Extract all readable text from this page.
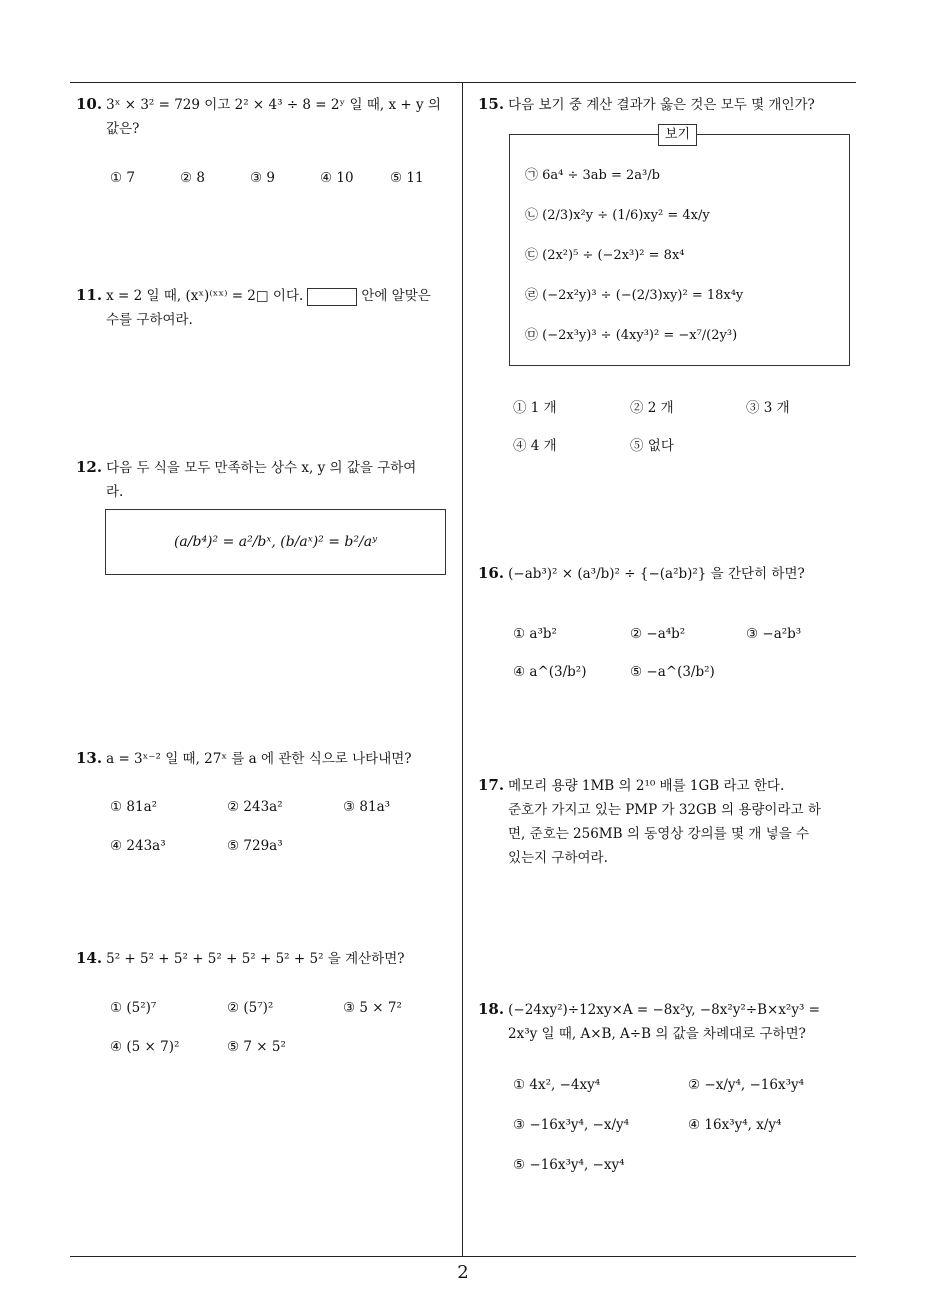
10. 3ˣ × 3² = 729 이고 2² × 4³ ÷ 8 = 2ʸ 일 때, x + y 의
값은?
① 7	② 8	③ 9	④ 10	⑤ 11
11. x = 2 일 때, (xˣ)⁽ˣˣ⁾ = 2□ 이다.	안에 알맞은
수를 구하여라.
12. 다음 두 식을 모두 만족하는 상수 x, y 의 값을 구하여
라.
(a/b⁴)² = a²/bˣ, (b/aˣ)² = b²/aʸ
13. a = 3ˣ⁻² 일 때, 27ˣ 를 a 에 관한 식으로 나타내면?
① 81a²	② 243a²	③ 81a³
④ 243a³	⑤ 729a³
14. 5² + 5² + 5² + 5² + 5² + 5² + 5² 을 계산하면?
① (5²)⁷	② (5⁷)²	③ 5 × 7²
④ (5 × 7)²	⑤ 7 × 5²
15. 다음 보기 중 계산 결과가 옳은 것은 모두 몇 개인가?
보기
㉠ 6a⁴ ÷ 3ab = 2a³/b
㉡ (2/3)x²y ÷ (1/6)xy² = 4x/y
㉢ (2x²)⁵ ÷ (−2x³)² = 8x⁴
㉣ (−2x²y)³ ÷ (−(2/3)xy)² = 18x⁴y
㉤ (−2x³y)³ ÷ (4xy³)² = −x⁷/(2y³)
① 1 개	② 2 개	③ 3 개
④ 4 개	⑤ 없다
16. (−ab³)² × (a³/b)² ÷ {−(a²b)²} 을 간단히 하면?
① a³b²	② −a⁴b²	③ −a²b³
④ a^(3/b²)	⑤ −a^(3/b²)
17. 메모리 용량 1MB 의 2¹⁰ 배를 1GB 라고 한다.
준호가 가지고 있는 PMP 가 32GB 의 용량이라고 하
면, 준호는 256MB 의 동영상 강의를 몇 개 넣을 수
있는지 구하여라.
18. (−24xy²)÷12xy×A = −8x²y, −8x²y²÷B×x²y³ =
2x³y 일 때, A×B, A÷B 의 값을 차례대로 구하면?
① 4x², −4xy⁴	② −x/y⁴, −16x³y⁴
③ −16x³y⁴, −x/y⁴	④ 16x³y⁴, x/y⁴
⑤ −16x³y⁴, −xy⁴
2
